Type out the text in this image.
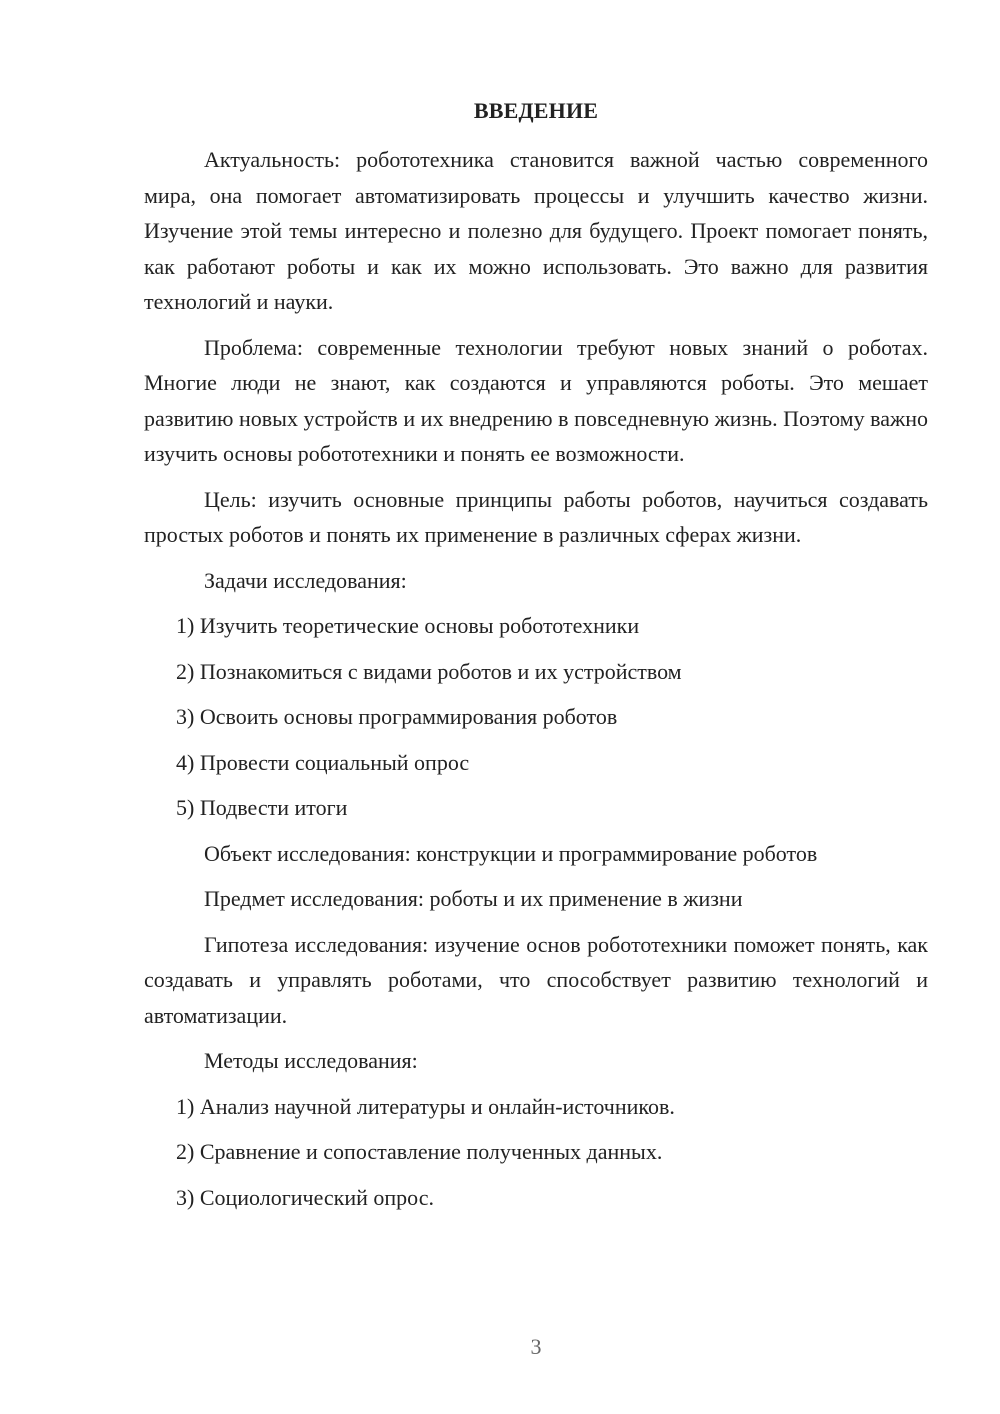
ВВЕДЕНИЕ

Актуальность: робототехника становится важной частью современного мира, она помогает автоматизировать процессы и улучшить качество жизни. Изучение этой темы интересно и полезно для будущего. Проект помогает понять, как работают роботы и как их можно использовать. Это важно для развития технологий и науки.

Проблема: современные технологии требуют новых знаний о роботах. Многие люди не знают, как создаются и управляются роботы. Это мешает развитию новых устройств и их внедрению в повседневную жизнь. Поэтому важно изучить основы робототехники и понять ее возможности.

Цель: изучить основные принципы работы роботов, научиться создавать простых роботов и понять их применение в различных сферах жизни.

Задачи исследования:

1) Изучить теоретические основы робототехники
2) Познакомиться с видами роботов и их устройством
3) Освоить основы программирования роботов
4) Провести социальный опрос
5) Подвести итоги

Объект исследования: конструкции и программирование роботов

Предмет исследования: роботы и их применение в жизни

Гипотеза исследования: изучение основ робототехники поможет понять, как создавать и управлять роботами, что способствует развитию технологий и автоматизации.

Методы исследования:

1) Анализ научной литературы и онлайн-источников.
2) Сравнение и сопоставление полученных данных.
3) Социологический опрос.
3
